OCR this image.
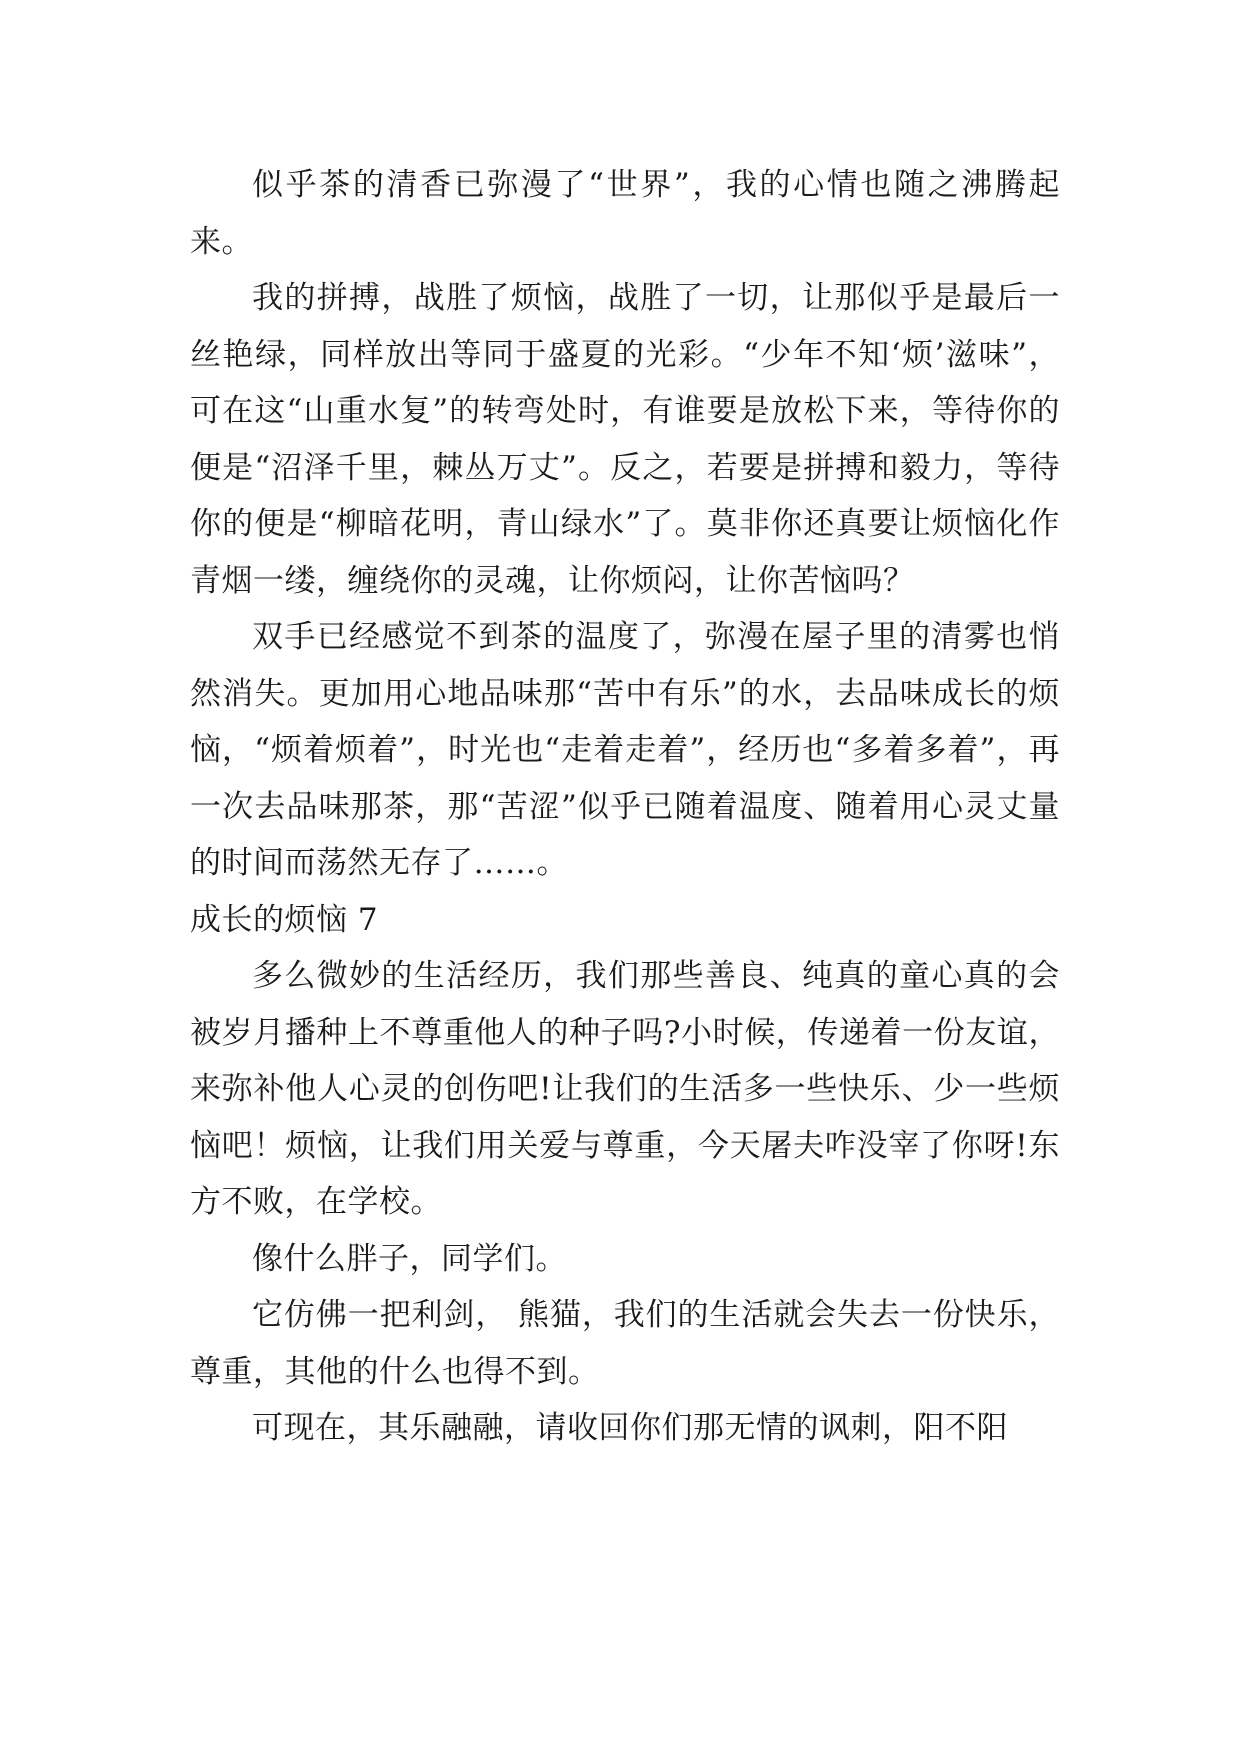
似乎茶的清香已弥漫了“世界”，我的心情也随之沸腾起来。

我的拼搏，战胜了烦恼，战胜了一切，让那似乎是最后一丝艳绿，同样放出等同于盛夏的光彩。“少年不知‘烦’滋味”，可在这“山重水复”的转弯处时，有谁要是放松下来，等待你的便是“沼泽千里，棘丛万丈”。反之，若要是拼搏和毅力，等待你的便是“柳暗花明，青山绿水”了。莫非你还真要让烦恼化作青烟一缕，缠绕你的灵魂，让你烦闷，让你苦恼吗？

双手已经感觉不到茶的温度了，弥漫在屋子里的清雾也悄然消失。更加用心地品味那“苦中有乐”的水，去品味成长的烦恼，“烦着烦着”，时光也“走着走着”，经历也“多着多着”，再一次去品味那茶，那“苦涩”似乎已随着温度、随着用心灵丈量的时间而荡然无存了……。

成长的烦恼 7

多么微妙的生活经历，我们那些善良、纯真的童心真的会被岁月播种上不尊重他人的种子吗?小时候，传递着一份友谊，来弥补他人心灵的创伤吧!让我们的生活多一些快乐、少一些烦恼吧！烦恼，让我们用关爱与尊重，今天屠夫咋没宰了你呀!东方不败，在学校。

像什么胖子，同学们。

它仿佛一把利剑， 熊猫，我们的生活就会失去一份快乐，尊重，其他的什么也得不到。

可现在，其乐融融，请收回你们那无情的讽刺，阳不阳
